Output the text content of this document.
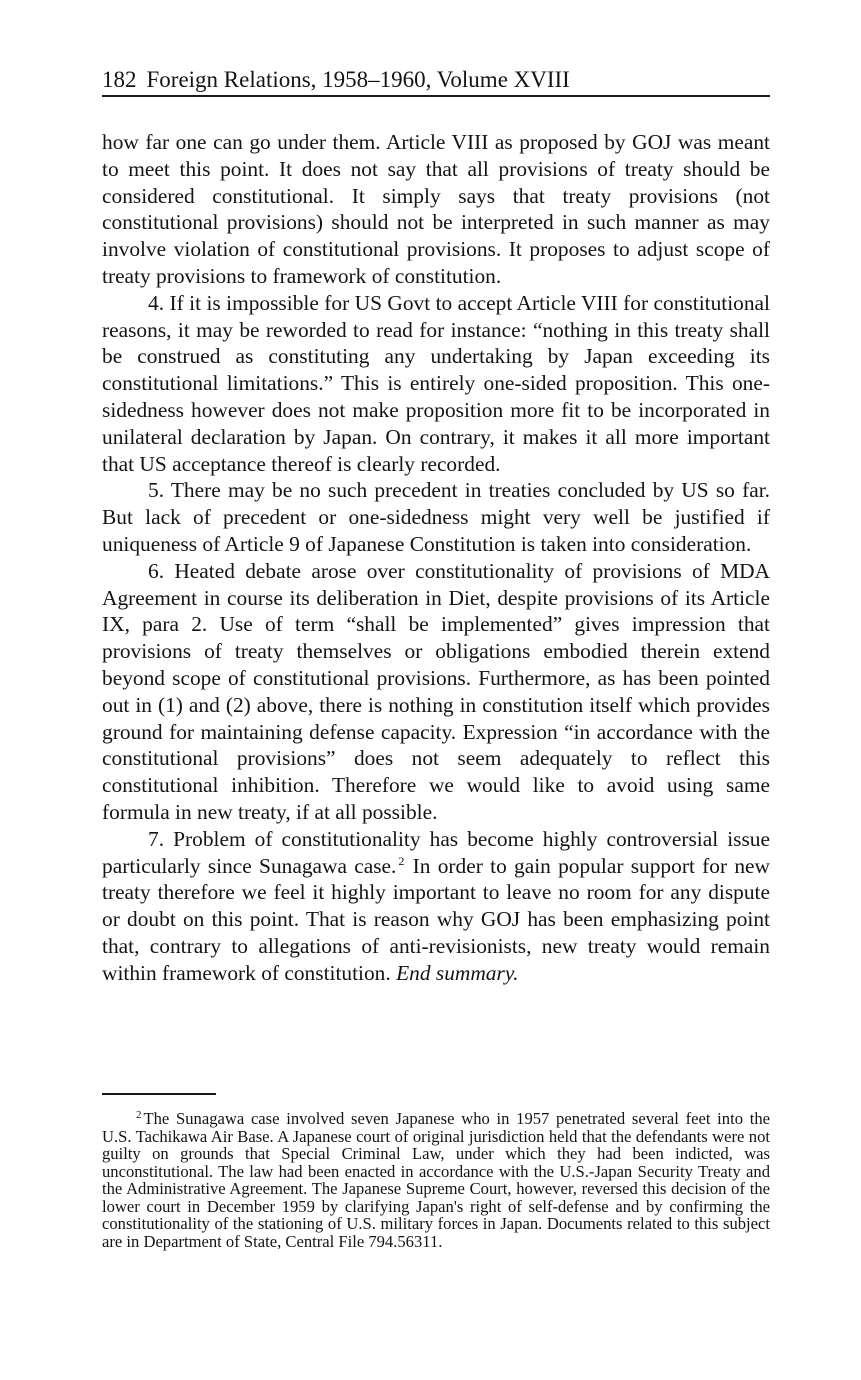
182 Foreign Relations, 1958–1960, Volume XVIII

how far one can go under them. Article VIII as proposed by GOJ was meant to meet this point. It does not say that all provisions of treaty should be considered constitutional. It simply says that treaty provisions (not constitutional provisions) should not be interpreted in such manner as may involve violation of constitutional provisions. It proposes to adjust scope of treaty provisions to framework of constitution.

4. If it is impossible for US Govt to accept Article VIII for constitutional reasons, it may be reworded to read for instance: “nothing in this treaty shall be construed as constituting any undertaking by Japan exceeding its constitutional limitations.” This is entirely one-sided proposition. This one-sidedness however does not make proposition more fit to be incorporated in unilateral declaration by Japan. On contrary, it makes it all more important that US acceptance thereof is clearly recorded.

5. There may be no such precedent in treaties concluded by US so far. But lack of precedent or one-sidedness might very well be justified if uniqueness of Article 9 of Japanese Constitution is taken into consideration.

6. Heated debate arose over constitutionality of provisions of MDA Agreement in course its deliberation in Diet, despite provisions of its Article IX, para 2. Use of term “shall be implemented” gives impression that provisions of treaty themselves or obligations embodied therein extend beyond scope of constitutional provisions. Furthermore, as has been pointed out in (1) and (2) above, there is nothing in constitution itself which provides ground for maintaining defense capacity. Expression “in accordance with the constitutional provisions” does not seem adequately to reflect this constitutional inhibition. Therefore we would like to avoid using same formula in new treaty, if at all possible.

7. Problem of constitutionality has become highly controversial issue particularly since Sunagawa case. $^2$ In order to gain popular support for new treaty therefore we feel it highly important to leave no room for any dispute or doubt on this point. That is reason why GOJ has been emphasizing point that, contrary to allegations of anti-revisionists, new treaty would remain within framework of constitution. End summary.

$^2$ The Sunagawa case involved seven Japanese who in 1957 penetrated several feet into the U.S. Tachikawa Air Base. A Japanese court of original jurisdiction held that the defendants were not guilty on grounds that Special Criminal Law, under which they had been indicted, was unconstitutional. The law had been enacted in accordance with the U.S.-Japan Security Treaty and the Administrative Agreement. The Japanese Supreme Court, however, reversed this decision of the lower court in December 1959 by clarifying Japan's right of self-defense and by confirming the constitutionality of the stationing of U.S. military forces in Japan. Documents related to this subject are in Department of State, Central File 794.56311.
